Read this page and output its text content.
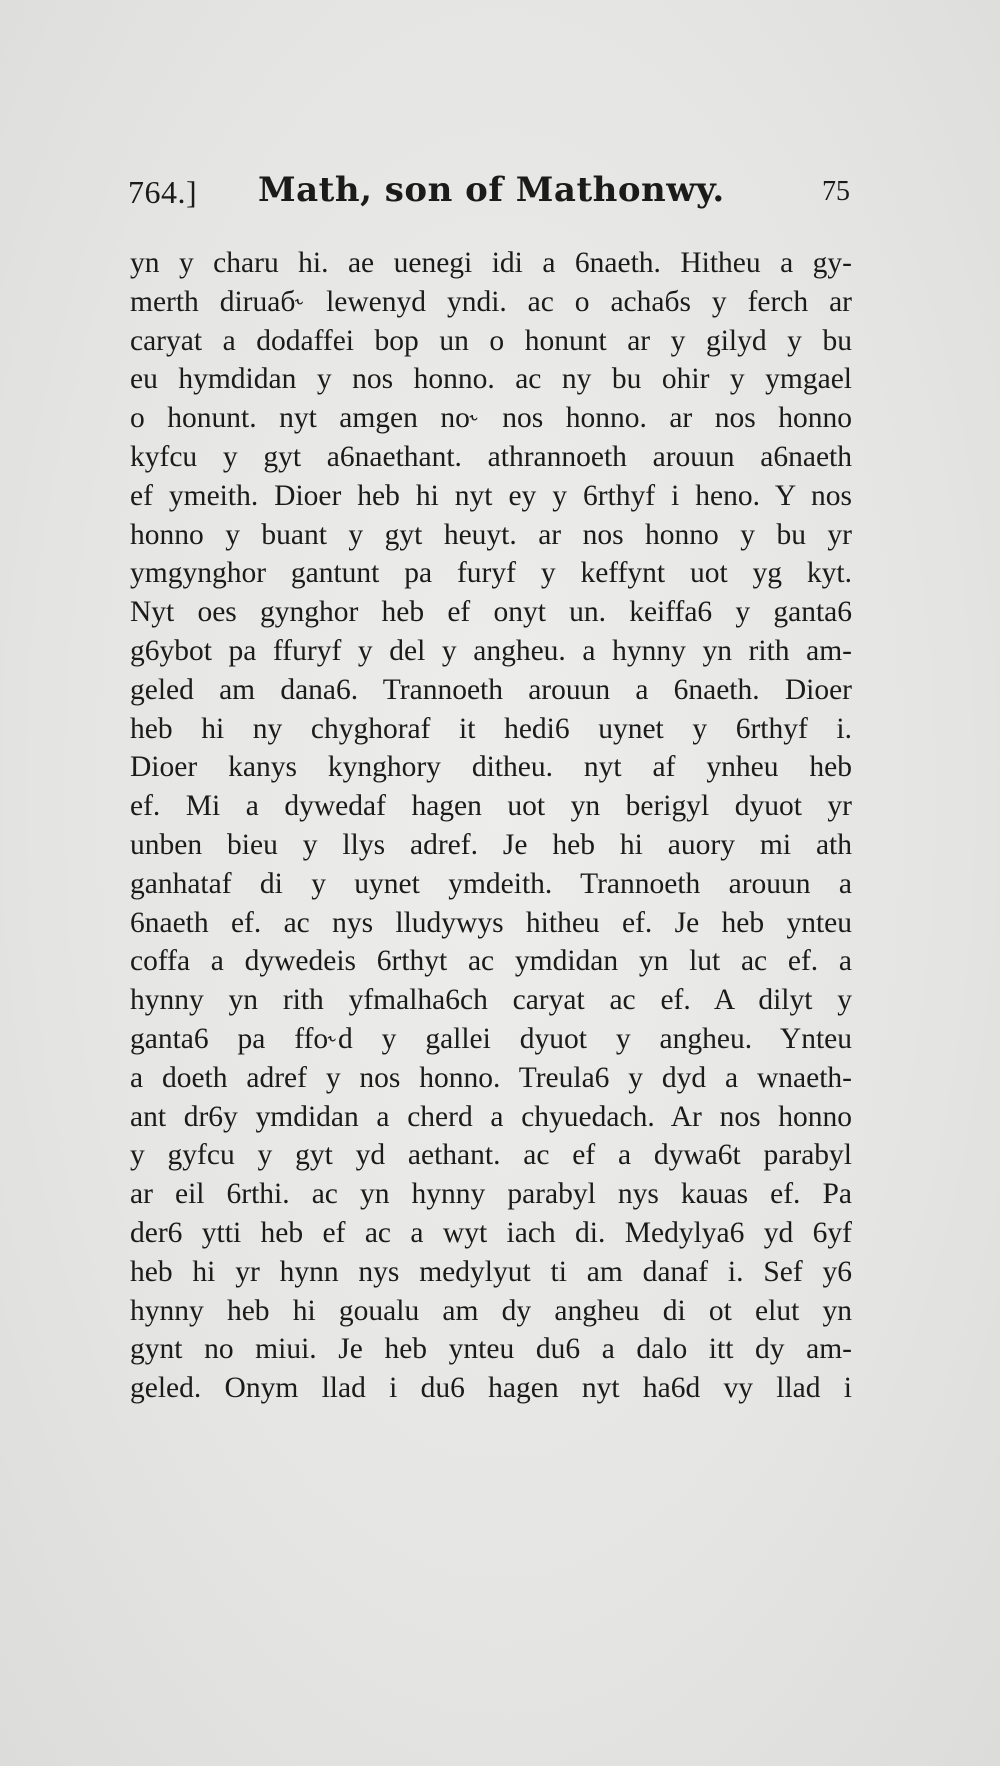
764.] Math, son of Mathonwy.	75
yn y charu hi. ae uenegi idi a 6naeth. Hitheu a gy-
merth diruaб˞ lewenyd yndi. ac o achaбs y ferch ar
caryat a dodaffei bop un o honunt ar y gilyd y bu
eu hymdidan y nos honno. ac ny bu ohir y ymgael
o honunt. nyt amgen no˞ nos honno. ar nos honno
kyfcu y gyt a6naethant. athrannoeth arouun a6naeth
ef ymeith. Dioer heb hi nyt ey y 6rthyf i heno. Y nos
honno y buant y gyt heuyt. ar nos honno y bu yr
ymgynghor gantunt pa furyf y keffynt uot yg kyt.
Nyt oes gynghor heb ef onyt un. keiffa6 y ganta6
g6ybot pa ffuryf y del y angheu. a hynny yn rith am-
geled am dana6. Trannoeth arouun a 6naeth. Dioer
heb hi ny chyghoraf it hedi6 uynet y 6rthyf i.
Dioer kanys kynghory ditheu. nyt af ynheu heb
ef. Mi a dywedaf hagen uot yn berigyl dyuot yr
unben bieu y llys adref. Je heb hi auory mi ath
ganhataf di y uynet ymdeith. Trannoeth arouun a
6naeth ef. ac nys lludywys hitheu ef. Je heb ynteu
coffa a dywedeis 6rthyt ac ymdidan yn lut ac ef. a
hynny yn rith yfmalha6ch caryat ac ef. A dilyt y
ganta6 pa ffo˞d y gallei dyuot y angheu. Ynteu
a doeth adref y nos honno. Treula6 y dyd a wnaeth-
ant dr6y ymdidan a cherd a chyuedach. Ar nos honno
y gyfcu y gyt yd aethant. ac ef a dywa6t parabyl
ar eil 6rthi. ac yn hynny parabyl nys kauas ef. Pa
der6 ytti heb ef ac a wyt iach di. Medylya6 yd 6yf
heb hi yr hynn nys medylyut ti am danaf i. Sef y6
hynny heb hi goualu am dy angheu di ot elut yn
gynt no miui. Je heb ynteu du6 a dalo itt dy am-
geled. Onym llad i du6 hagen nyt ha6d vy llad i
